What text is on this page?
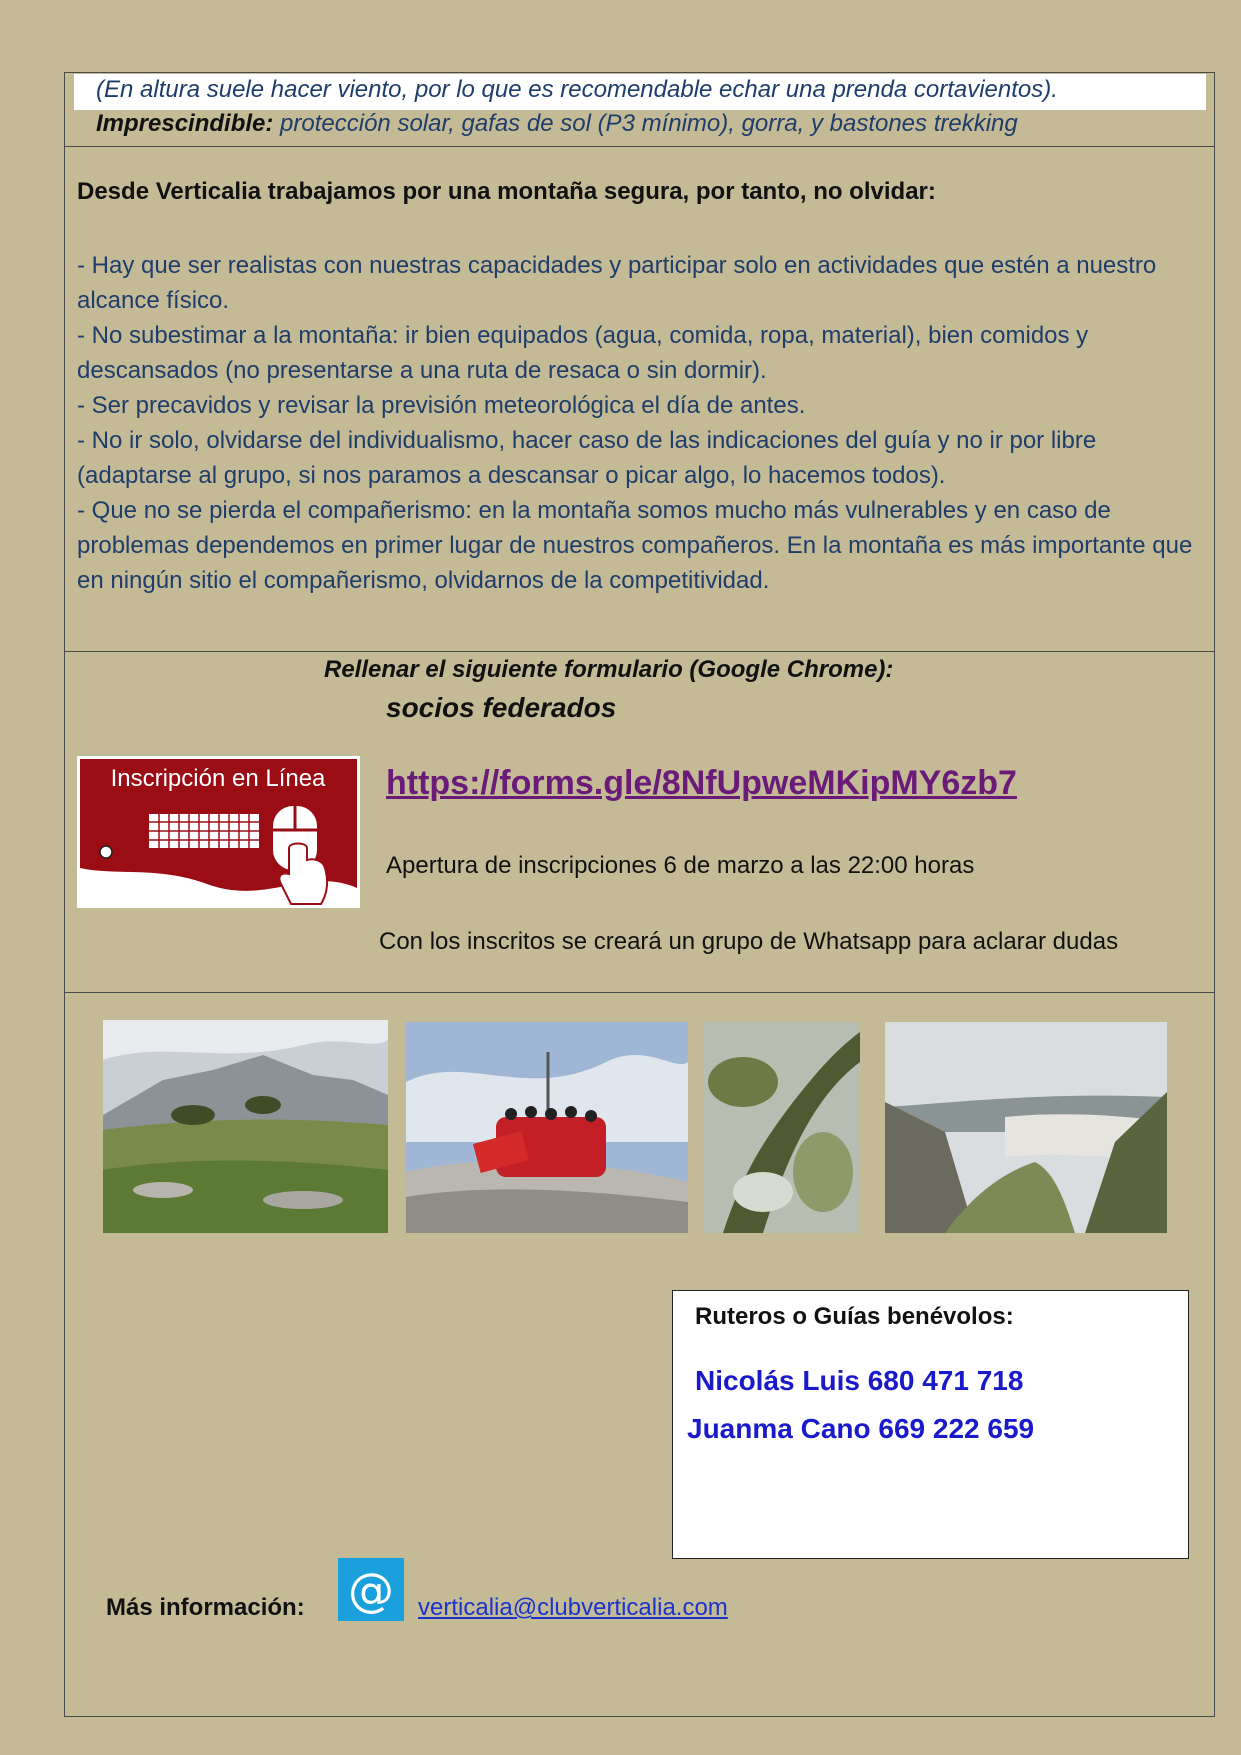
(En altura suele hacer viento, por lo que es recomendable echar una prenda cortavientos).
Imprescindible: protección solar, gafas de sol (P3 mínimo), gorra, y bastones trekking
Desde Verticalia trabajamos por una montaña segura, por tanto, no olvidar:
- Hay que ser realistas con nuestras capacidades y participar solo en actividades que estén a nuestro alcance físico.
- No subestimar a la montaña: ir bien equipados (agua, comida, ropa, material), bien comidos y descansados (no presentarse a una ruta de resaca o sin dormir).
- Ser precavidos y revisar la previsión meteorológica el día de antes.
- No ir solo, olvidarse del individualismo, hacer caso de las indicaciones del guía y no ir por libre (adaptarse al grupo, si nos paramos a descansar o picar algo, lo hacemos todos).
- Que no se pierda el compañerismo: en la montaña somos mucho más vulnerables y en caso de problemas dependemos en primer lugar de nuestros compañeros. En la montaña es más importante que en ningún sitio el compañerismo, olvidarnos de la competitividad.
Rellenar el siguiente formulario (Google Chrome):
socios federados
Inscripción en Línea https://forms.gle/8NfUpweMKipMY6zb7
Apertura de inscripciones 6 de marzo a las 22:00 horas
Con los inscritos se creará un grupo de Whatsapp para aclarar dudas
Ruteros o Guías benévolos:
Nicolás Luis 680 471 718
Juanma Cano 669 222 659
Más información: @ verticalia@clubverticalia.com
